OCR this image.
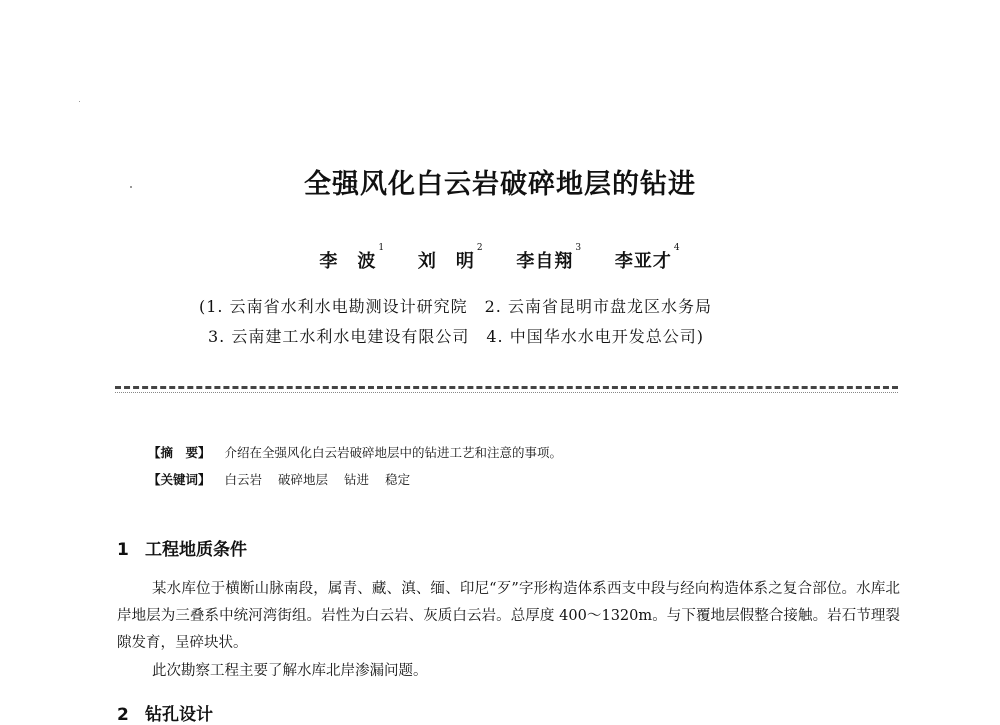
全强风化白云岩破碎地层的钻进
李　波$^1$ 刘　明$^2$ 李自翔$^3$ 李亚才$^4$
(1. 云南省水利水电勘测设计研究院　2. 云南省昆明市盘龙区水务局
3. 云南建工水利水电建设有限公司　4. 中国华水水电开发总公司)
【摘　要】 介绍在全强风化白云岩破碎地层中的钻进工艺和注意的事项。
【关键词】 白云岩 破碎地层 钻进 稳定
1 工程地质条件
某水库位于横断山脉南段，属青、藏、滇、缅、印尼“歹”字形构造体系西支中段与经向构造体系之复合部位。水库北岸地层为三叠系中统河湾街组。岩性为白云岩、灰质白云岩。总厚度 400～1320m。与下覆地层假整合接触。岩石节理裂隙发育，呈碎块状。
此次勘察工程主要了解水库北岸渗漏问题。
2 钻孔设计
